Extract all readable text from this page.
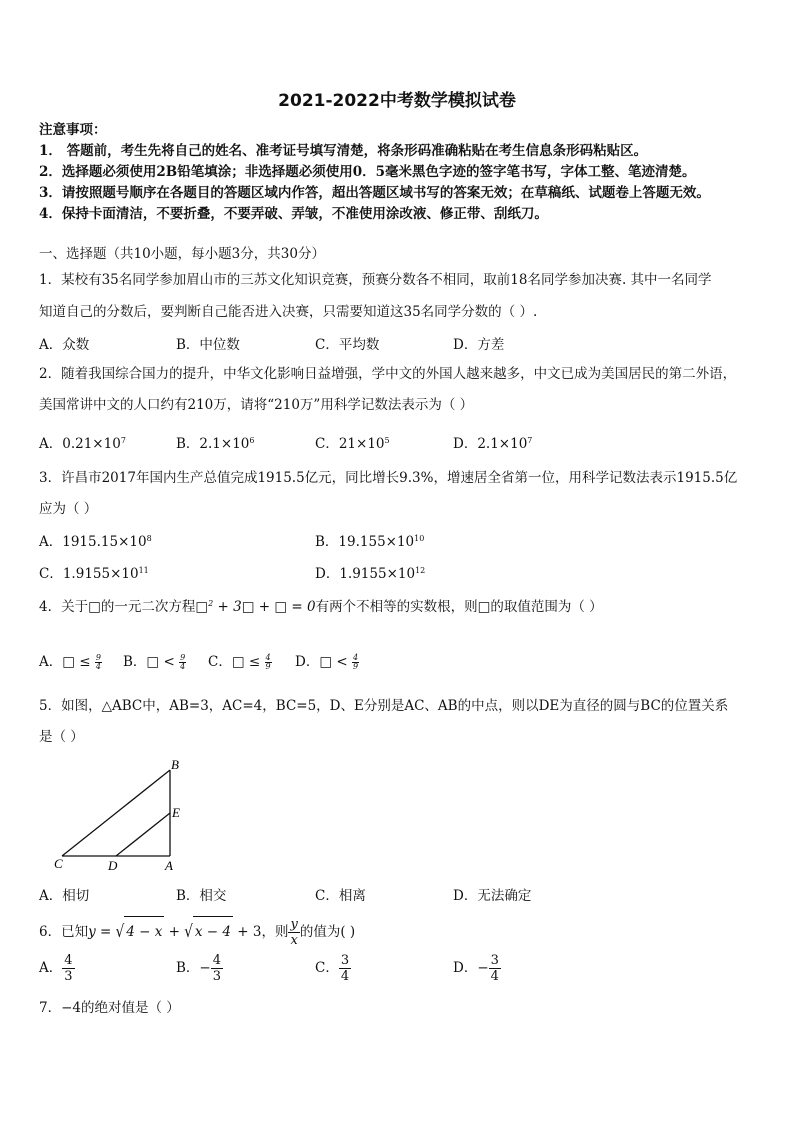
2021-2022中考数学模拟试卷
注意事项：
1． 答题前，考生先将自己的姓名、准考证号填写清楚，将条形码准确粘贴在考生信息条形码粘贴区。
2．选择题必须使用2B铅笔填涂；非选择题必须使用0．5毫米黑色字迹的签字笔书写，字体工整、笔迹清楚。
3．请按照题号顺序在各题目的答题区域内作答，超出答题区域书写的答案无效；在草稿纸、试题卷上答题无效。
4．保持卡面清洁，不要折叠，不要弄破、弄皱，不准使用涂改液、修正带、刮纸刀。
一、选择题（共10小题，每小题3分，共30分）
1．某校有35名同学参加眉山市的三苏文化知识竞赛，预赛分数各不相同，取前18名同学参加决赛. 其中一名同学
知道自己的分数后，要判断自己能否进入决赛，只需要知道这35名同学分数的（ ）.
A．众数	B．中位数	C．平均数	D．方差
2．随着我国综合国力的提升，中华文化影响日益增强，学中文的外国人越来越多，中文已成为美国居民的第二外语，
美国常讲中文的人口约有210万，请将“210万”用科学记数法表示为（ ）
A．$0.21\times 10^7$	B．$2.1\times 10^6$	C．$21\times 10^5$	D．$2.1\times 10^7$
3．许昌市2017年国内生产总值完成1915.5亿元，同比增长9.3%，增速居全省第一位，用科学记数法表示1915.5亿
应为（ ）
A．$1915.15\times 10^8$	B．$19.155\times 10^{10}$
C．$1.9155\times 10^{11}$	D．$1.9155\times 10^{12}$
4．关于□的一元二次方程□$^2$ + 3□ + □ = 0有两个不相等的实数根，则□的取值范围为（ ）
A．□ ≤ $\frac{9}{4}$ B．□ < $\frac{9}{4}$ C．□ ≤ $\frac{4}{9}$ D．□ < $\frac{4}{9}$
5．如图，△ABC中，AB=3，AC=4，BC=5，D、E分别是AC、AB的中点，则以DE为直径的圆与BC的位置关系
是（ ）
B
E
C	D	A
A．相切	B．相交	C．相离	D．无法确定
6．已知y = √ 4 − x + √ x − 4 + 3，则 $\frac{y}{x}$ 的值为( )
A． $\frac{4}{3}$	B．− $\frac{4}{3}$	C． $\frac{3}{4}$	D．− $\frac{3}{4}$
7．−4的绝对值是（ ）
